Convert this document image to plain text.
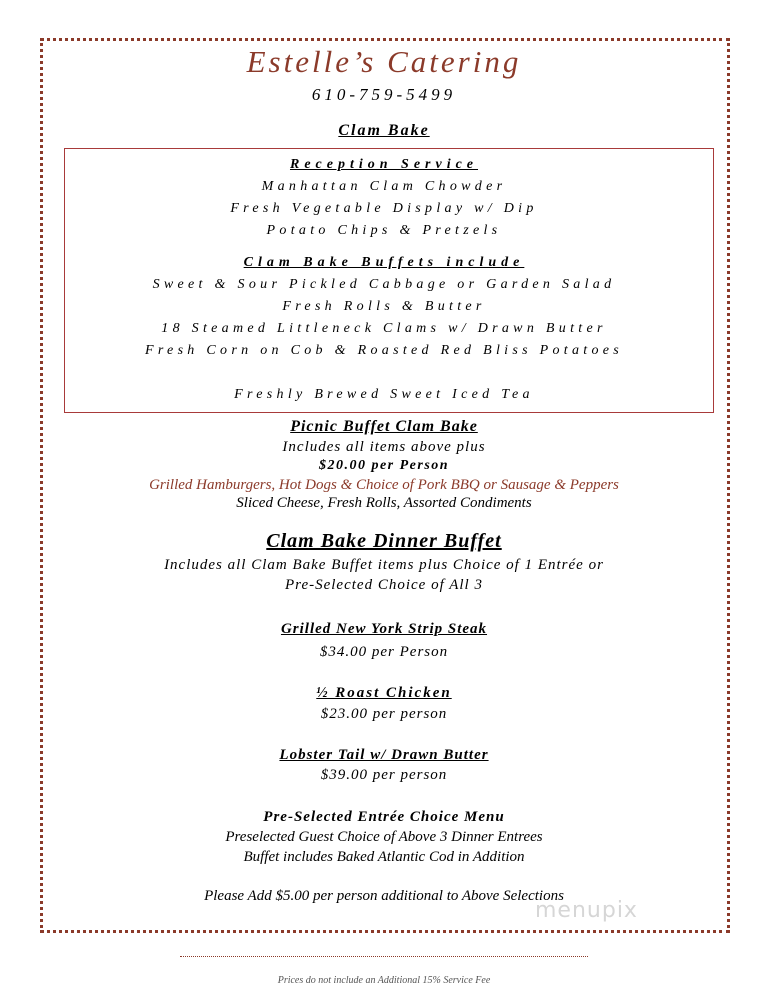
Estelle’s Catering
610-759-5499
Clam Bake
Reception Service
Manhattan Clam Chowder
Fresh Vegetable Display w/ Dip
Potato Chips & Pretzels
Clam Bake Buffets include
Sweet & Sour Pickled Cabbage or Garden Salad
Fresh Rolls & Butter
18 Steamed Littleneck Clams w/ Drawn Butter
Fresh Corn on Cob & Roasted Red Bliss Potatoes
Freshly Brewed Sweet Iced Tea
Picnic Buffet Clam Bake
Includes all items above plus
$20.00 per Person
Grilled Hamburgers, Hot Dogs & Choice of Pork BBQ or Sausage & Peppers
Sliced Cheese, Fresh Rolls, Assorted Condiments
Clam Bake Dinner Buffet
Includes all Clam Bake Buffet items plus Choice of 1 Entrée or
Pre-Selected Choice of All 3
Grilled New York Strip Steak
$34.00 per Person
½ Roast Chicken
$23.00 per person
Lobster Tail w/ Drawn Butter
$39.00 per person
Pre-Selected Entrée Choice Menu
Preselected Guest Choice of Above 3 Dinner Entrees
Buffet includes Baked Atlantic Cod in Addition
Please Add $5.00 per person additional to Above Selections
menupix
Prices do not include an Additional 15% Service Fee
